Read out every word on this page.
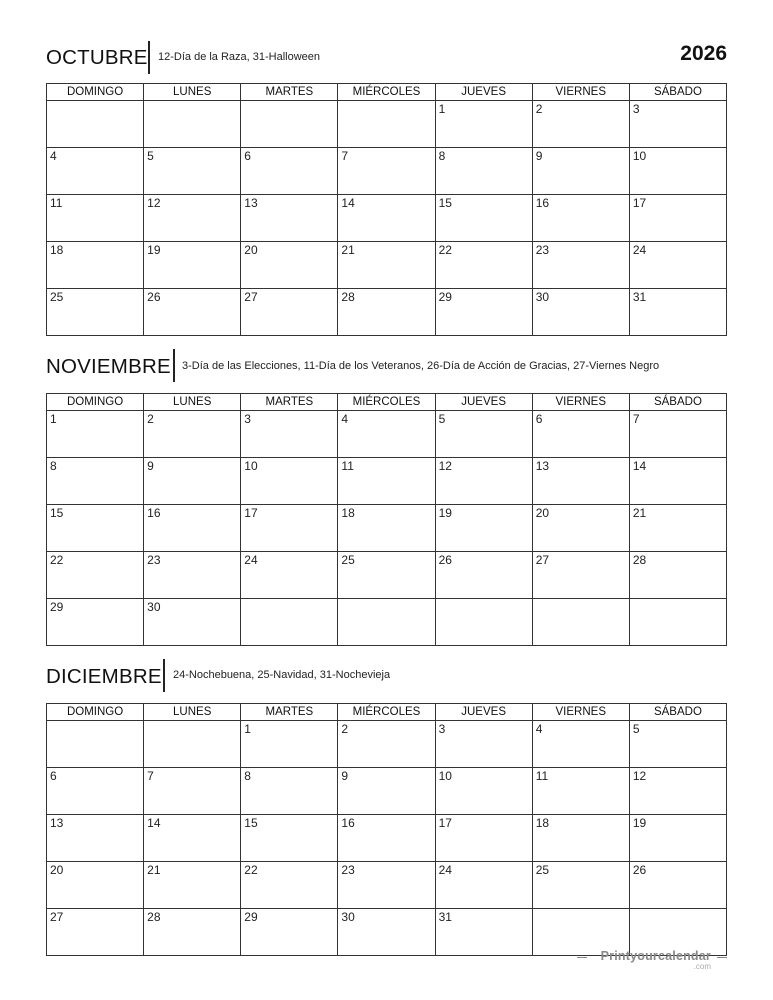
OCTUBRE 12-Día de la Raza, 31-Halloween	2026
DOMINGO	LUNES	MARTES	MIÉRCOLES	JUEVES	VIERNES	SÁBADO

				1	2	3

4	5	6	7	8	9	10

11	12	13	14	15	16	17

18	19	20	21	22	23	24

25	26	27	28	29	30	31
NOVIEMBRE 3-Día de las Elecciones, 11-Día de los Veteranos, 26-Día de Acción de Gracias, 27-Viernes Negro
DOMINGO	LUNES	MARTES	MIÉRCOLES	JUEVES	VIERNES	SÁBADO

1	2	3	4	5	6	7

8	9	10	11	12	13	14

15	16	17	18	19	20	21

22	23	24	25	26	27	28

29	30					

DICIEMBRE 24-Nochebuena, 25-Navidad, 31-Nochevieja
DOMINGO	LUNES	MARTES	MIÉRCOLES	JUEVES	VIERNES	SÁBADO

		1	2	3	4	5

6	7	8	9	10	11	12

13	14	15	16	17	18	19

20	21	22	23	24	25	26

27	28	29	30	31		

Printyourcalendar
.com
